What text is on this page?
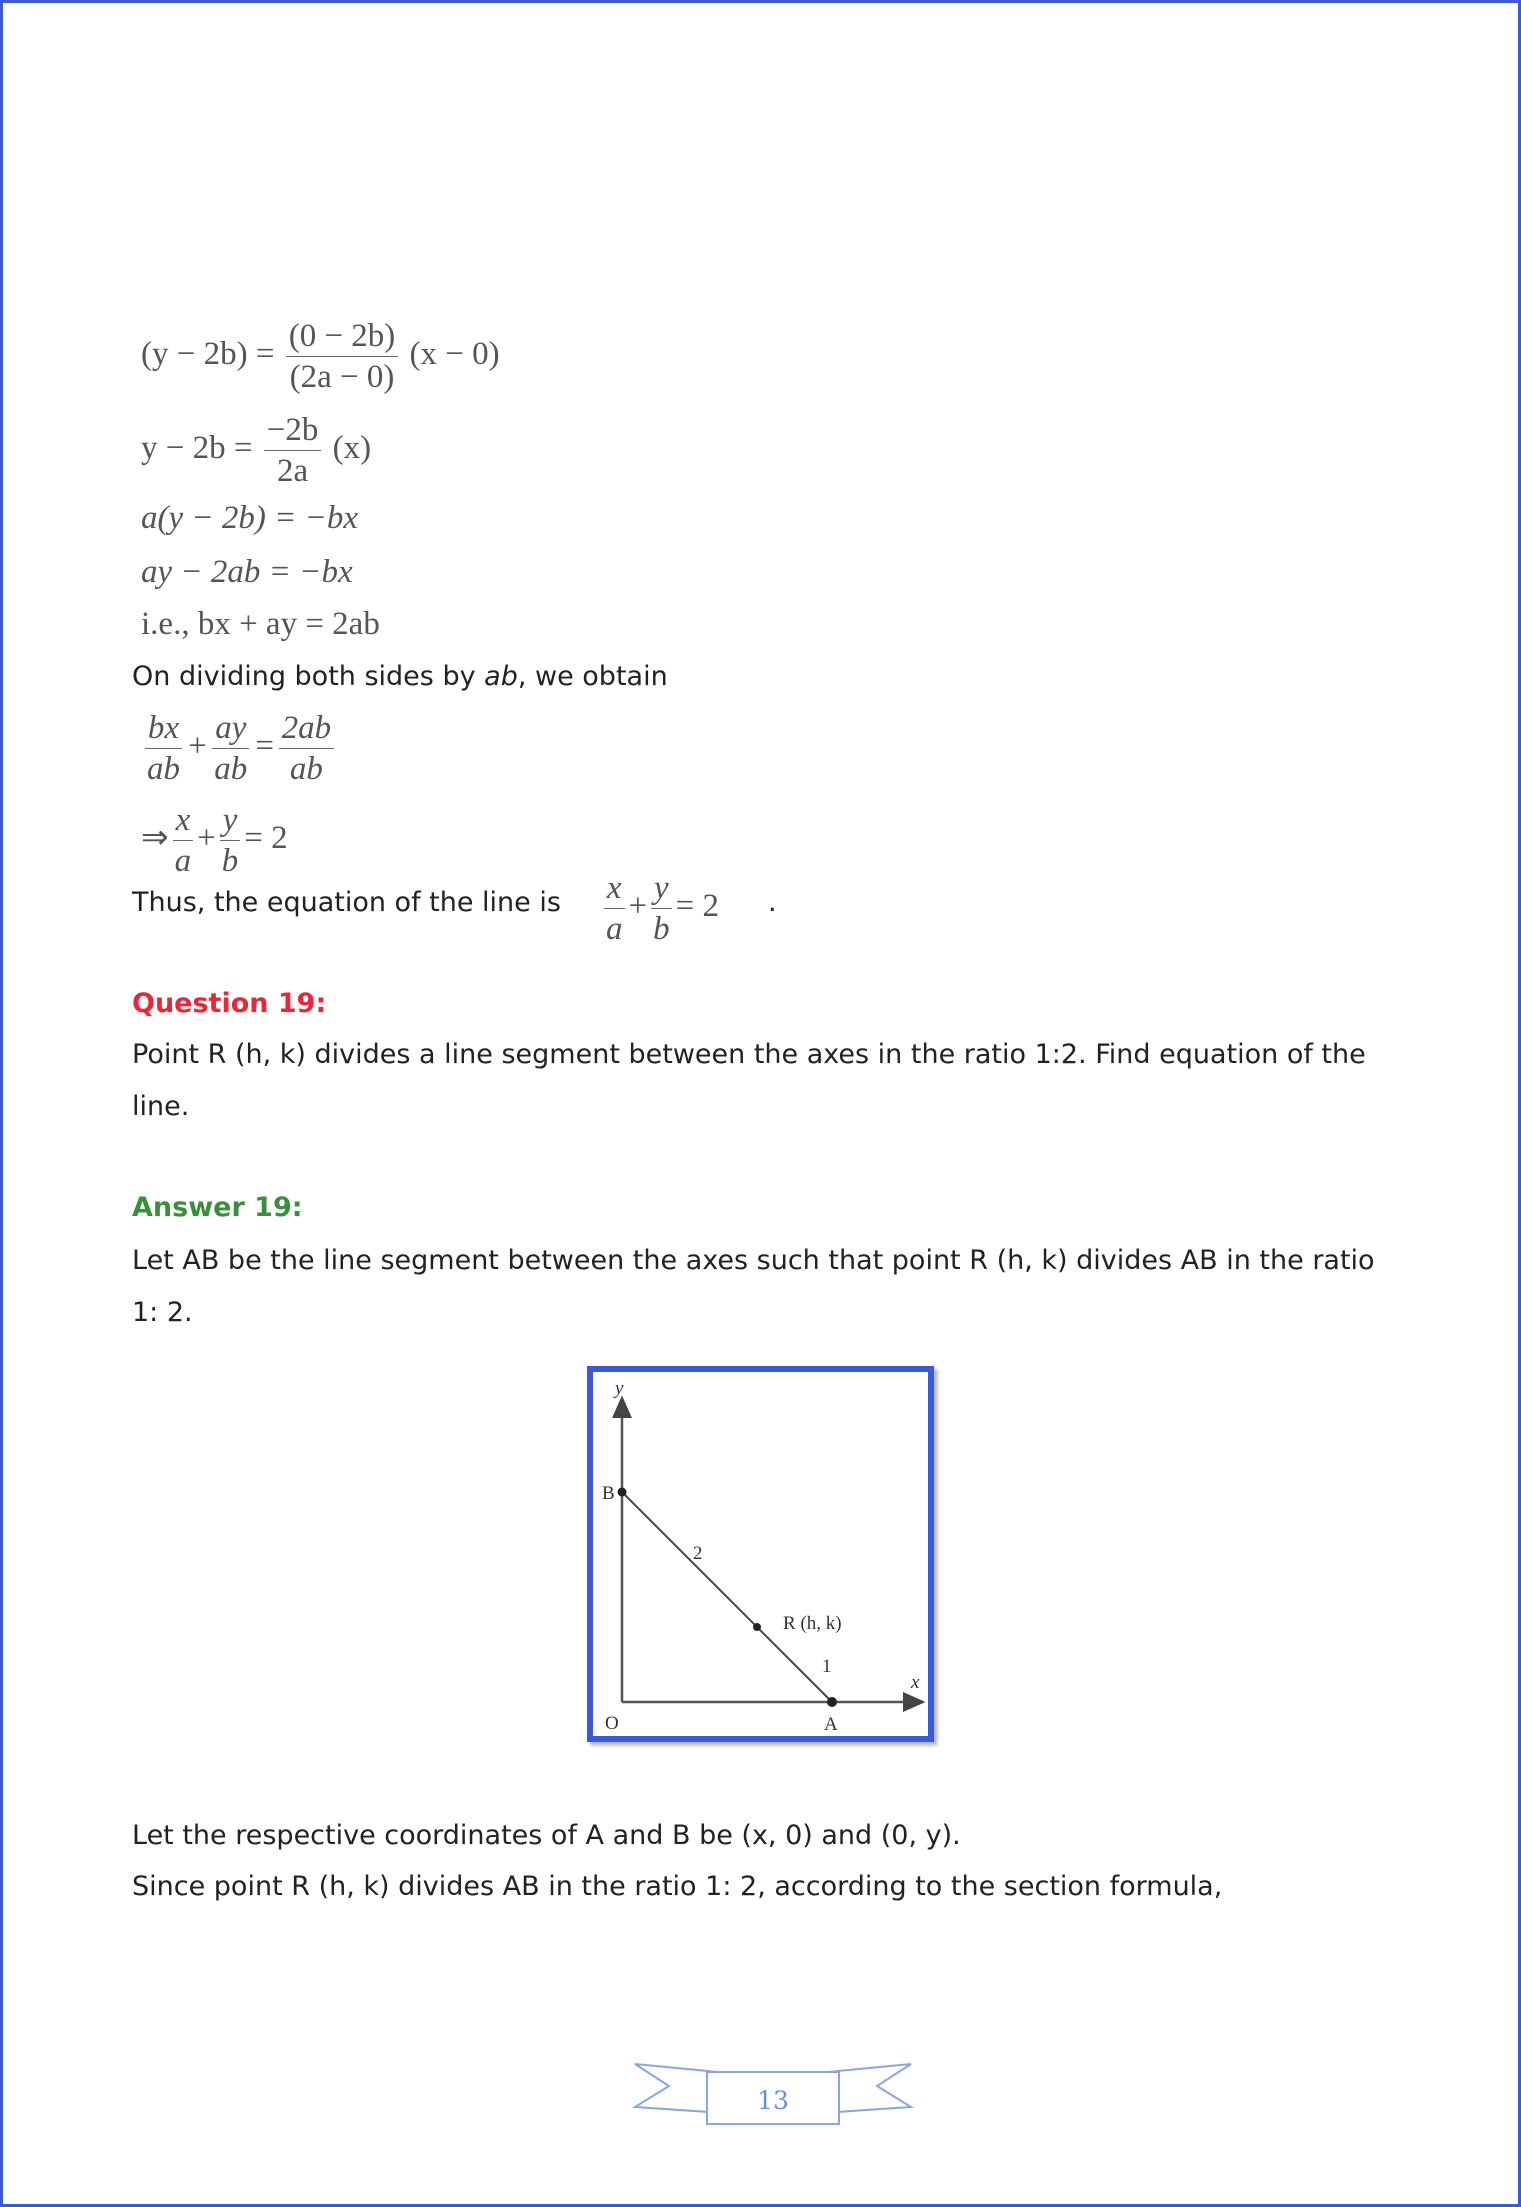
$(y - 2b) = \frac{(0 - 2b)}{(2a - 0)} (x - 0)$
$y - 2b = \frac{-2b}{2a} (x)$
a(y − 2b) = −bx
ay − 2ab = −bx
i.e., bx + ay = 2ab
On dividing both sides by ab, we obtain
$\frac{bx}{ab} + \frac{ay}{ab} = \frac{2ab}{ab}$
⇒ $\frac{x}{a} + \frac{y}{b} = 2$
Thus, the equation of the line is	$\frac{x}{a} + \frac{y}{b} = 2$ .
Question 19:
Point R (h, k) divides a line segment between the axes in the ratio 1:2. Find equation of the line.
Answer 19:
Let AB be the line segment between the axes such that point R (h, k) divides AB in the ratio 1: 2.
y
x
B
O	A
R (h, k)
2
1
Let the respective coordinates of A and B be (x, 0) and (0, y).
Since point R (h, k) divides AB in the ratio 1: 2, according to the section formula,
13
